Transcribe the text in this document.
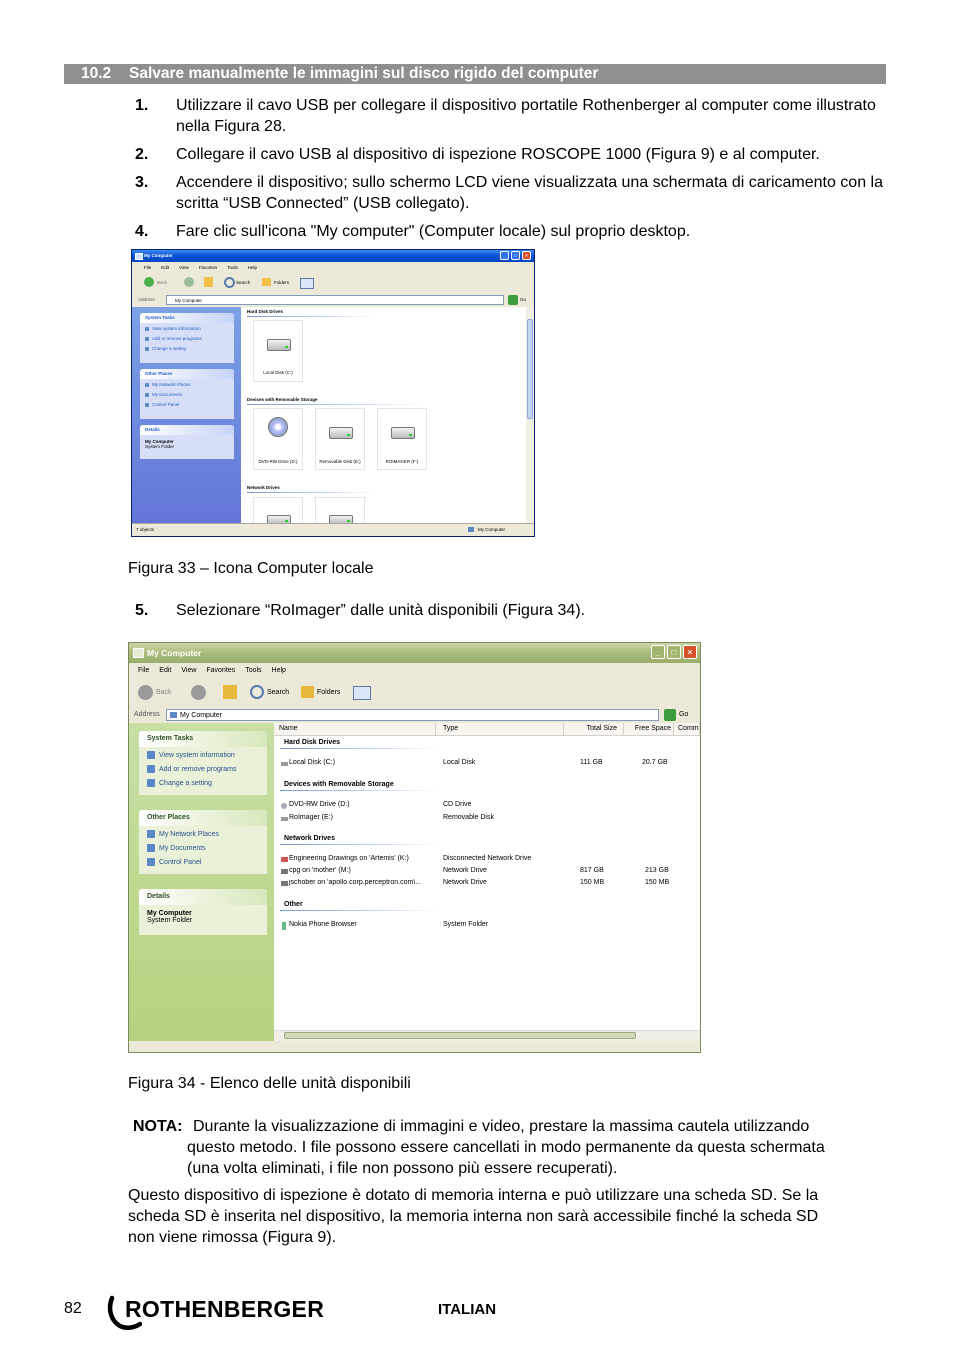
10.2 Salvare manualmente le immagini sul disco rigido del computer
1. Utilizzare il cavo USB per collegare il dispositivo portatile Rothenberger al computer come illustrato nella Figura 28.
2. Collegare il cavo USB al dispositivo di ispezione ROSCOPE 1000 (Figura 9) e al computer.
3. Accendere il dispositivo; sullo schermo LCD viene visualizzata una schermata di caricamento con la scritta “USB Connected” (USB collegato).
4. Fare clic sull'icona "My computer" (Computer locale) sul proprio desktop.
My Computer	_	□	×
File Edit View Favorites Tools Help
Back	Search	Folders
Address	My Computer	Go
System Tasks
View system information
Add or remove programs
Change a setting
Other Places
My Network Places
My Documents
Control Panel
Details
My Computer
System Folder
Hard Disk Drives
Local Disk (C:)
Devices with Removable Storage
DVD-RW Drive (D:)	Removable Disk (E:)	ROIMAGER (F:)
Network Drives
7 objects	My Computer
Figura 33 – Icona Computer locale
5. Selezionare “RoImager” dalle unità disponibili (Figura 34).
My Computer	_	□	×
File Edit View Favorites Tools Help
Back	Search	Folders
Address	My Computer	Go
System Tasks
View system information
Add or remove programs
Change a setting
Other Places
My Network Places
My Documents
Control Panel
Details
My Computer
System Folder
Name	Type	Total Size	Free Space Comm
Hard Disk Drives
Local Disk (C:)	Local Disk	111 GB	20.7 GB
Devices with Removable Storage
DVD-RW Drive (D:)	CD Drive
RoImager (E:)	Removable Disk
Network Drives
Engineering Drawings on 'Artemis' (K:)	Disconnected Network Drive
cpg on 'mother' (M:)	Network Drive	817 GB	213 GB
jschober on 'apollo.corp.perceptron.com\...	Network Drive	150 MB	150 MB
Other
Nokia Phone Browser	System Folder
Figura 34 - Elenco delle unità disponibili
NOTA: Durante la visualizzazione di immagini e video, prestare la massima cautela utilizzando
questo metodo. I file possono essere cancellati in modo permanente da questa schermata
(una volta eliminati, i file non possono più essere recuperati).
Questo dispositivo di ispezione è dotato di memoria interna e può utilizzare una scheda SD. Se la
scheda SD è inserita nel dispositivo, la memoria interna non sarà accessibile finché la scheda SD
non viene rimossa (Figura 9).
82 ROTHENBERGER	ITALIAN
